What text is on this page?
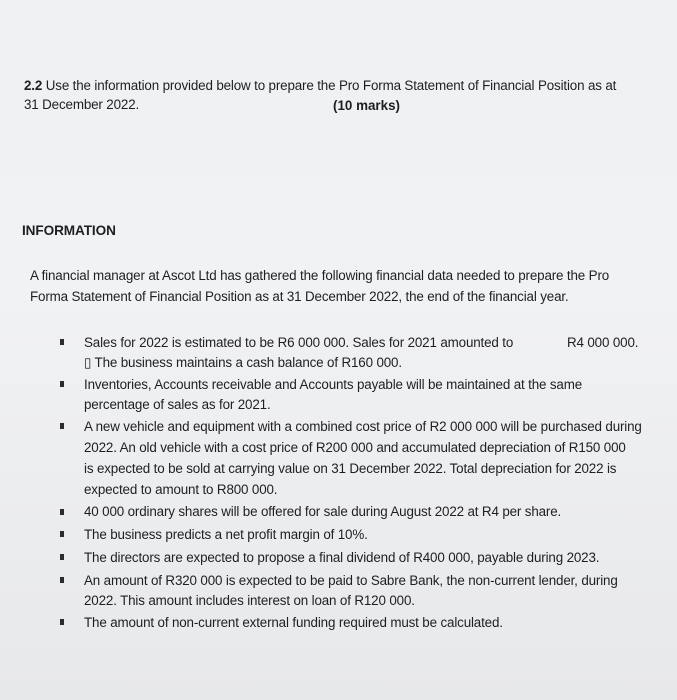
2.2 Use the information provided below to prepare the Pro Forma Statement of Financial Position as at
31 December 2022.	(10 marks)
INFORMATION
A financial manager at Ascot Ltd has gathered the following financial data needed to prepare the Pro
Forma Statement of Financial Position as at 31 December 2022, the end of the financial year.
Sales for 2022 is estimated to be R6 000 000. Sales for 2021 amounted to	R4 000 000.
▯ The business maintains a cash balance of R160 000.
Inventories, Accounts receivable and Accounts payable will be maintained at the same
percentage of sales as for 2021.
A new vehicle and equipment with a combined cost price of R2 000 000 will be purchased during
2022. An old vehicle with a cost price of R200 000 and accumulated depreciation of R150 000
is expected to be sold at carrying value on 31 December 2022. Total depreciation for 2022 is
expected to amount to R800 000.
40 000 ordinary shares will be offered for sale during August 2022 at R4 per share.
The business predicts a net profit margin of 10%.
The directors are expected to propose a final dividend of R400 000, payable during 2023.
An amount of R320 000 is expected to be paid to Sabre Bank, the non-current lender, during
2022. This amount includes interest on loan of R120 000.
The amount of non-current external funding required must be calculated.
